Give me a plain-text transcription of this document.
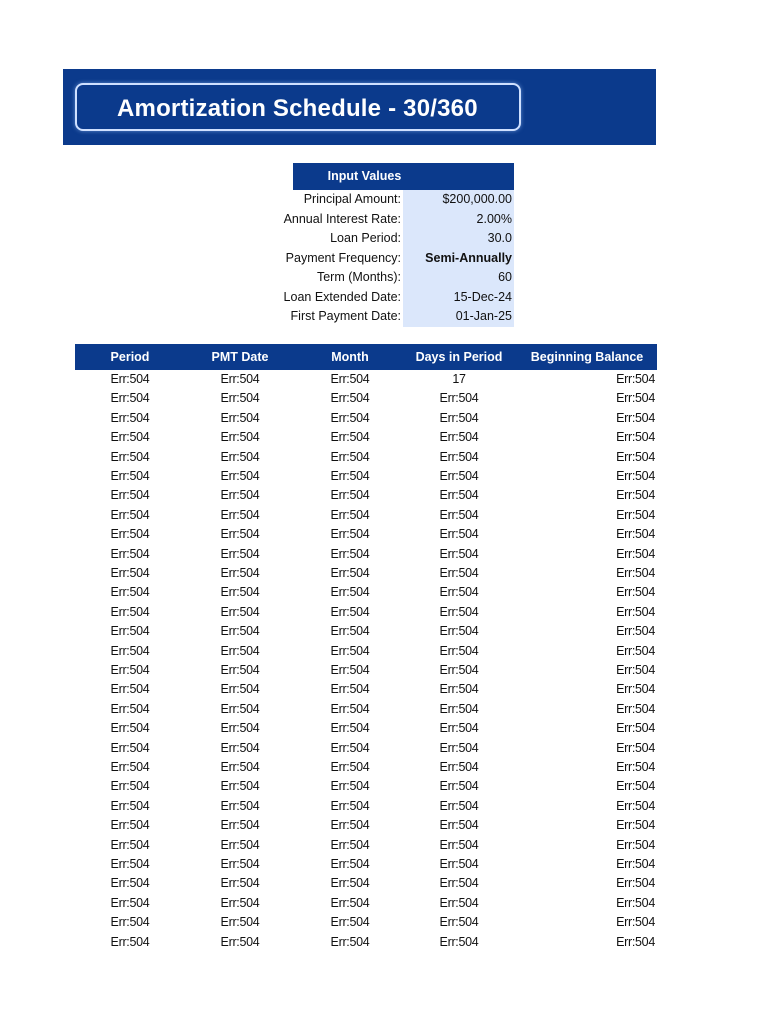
Amortization Schedule - 30/360
Input Values
Principal Amount:	$200,000.00
Annual Interest Rate:	2.00%
Loan Period:	30.0
Payment Frequency:	Semi-Annually
Term (Months):	60
Loan Extended Date:	15-Dec-24
First Payment Date:	01-Jan-25
Period	PMT Date	Month	Days in Period	Beginning Balance
Err:504	Err:504	Err:504	17	Err:504
Err:504	Err:504	Err:504	Err:504	Err:504
Err:504	Err:504	Err:504	Err:504	Err:504
Err:504	Err:504	Err:504	Err:504	Err:504
Err:504	Err:504	Err:504	Err:504	Err:504
Err:504	Err:504	Err:504	Err:504	Err:504
Err:504	Err:504	Err:504	Err:504	Err:504
Err:504	Err:504	Err:504	Err:504	Err:504
Err:504	Err:504	Err:504	Err:504	Err:504
Err:504	Err:504	Err:504	Err:504	Err:504
Err:504	Err:504	Err:504	Err:504	Err:504
Err:504	Err:504	Err:504	Err:504	Err:504
Err:504	Err:504	Err:504	Err:504	Err:504
Err:504	Err:504	Err:504	Err:504	Err:504
Err:504	Err:504	Err:504	Err:504	Err:504
Err:504	Err:504	Err:504	Err:504	Err:504
Err:504	Err:504	Err:504	Err:504	Err:504
Err:504	Err:504	Err:504	Err:504	Err:504
Err:504	Err:504	Err:504	Err:504	Err:504
Err:504	Err:504	Err:504	Err:504	Err:504
Err:504	Err:504	Err:504	Err:504	Err:504
Err:504	Err:504	Err:504	Err:504	Err:504
Err:504	Err:504	Err:504	Err:504	Err:504
Err:504	Err:504	Err:504	Err:504	Err:504
Err:504	Err:504	Err:504	Err:504	Err:504
Err:504	Err:504	Err:504	Err:504	Err:504
Err:504	Err:504	Err:504	Err:504	Err:504
Err:504	Err:504	Err:504	Err:504	Err:504
Err:504	Err:504	Err:504	Err:504	Err:504
Err:504	Err:504	Err:504	Err:504	Err:504
